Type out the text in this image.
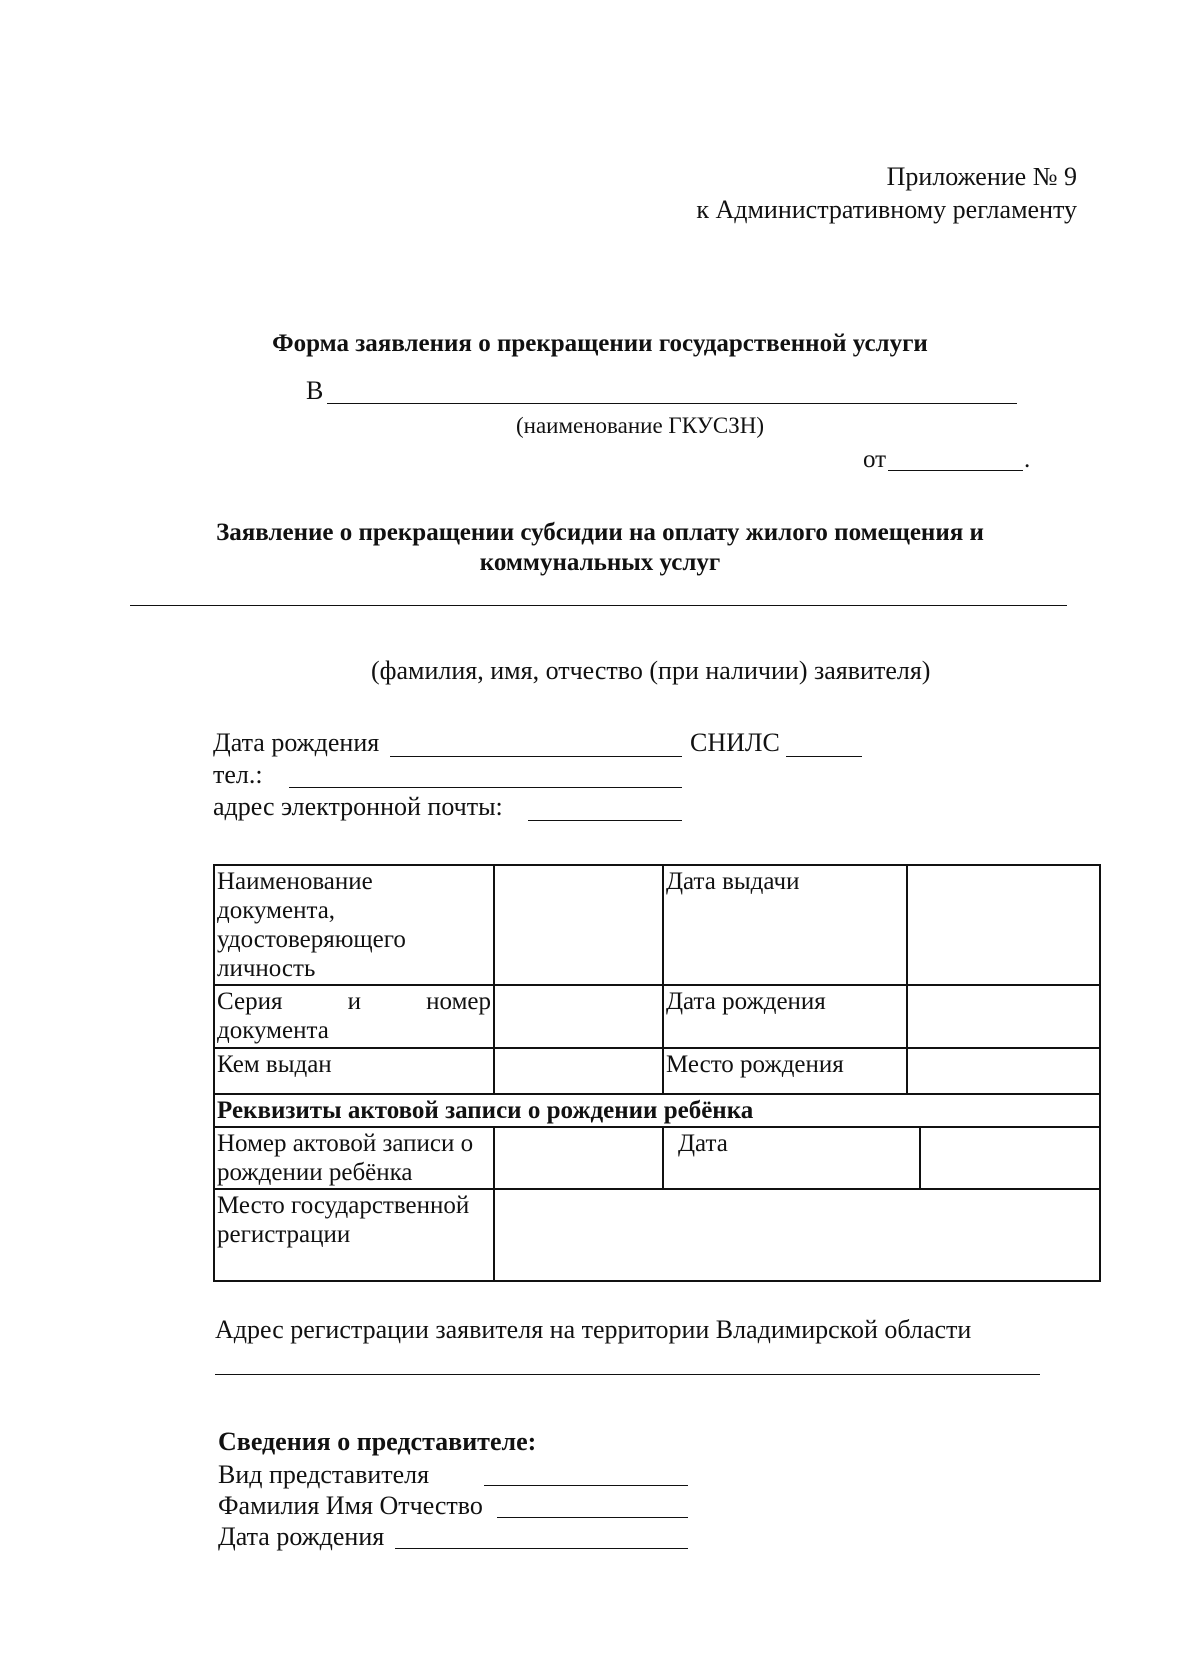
Приложение № 9
к Административному регламенту
Форма заявления о прекращении государственной услуги
В
(наименование ГКУСЗН)
от	.
Заявление о прекращении субсидии на оплату жилого помещения и
коммунальных услуг
(фамилия, имя, отчество (при наличии) заявителя)
Дата рождения	СНИЛС
тел.:
адрес электронной почты:
Наименование документа, удостоверяющего личность		Дата выдачи		

Серия и номер
документа		Дата рождения		
Кем выдан		Место рождения		
Реквизиты актовой записи о рождении ребёнка				
Номер актовой записи о рождении ребёнка		Дата		
Место государственной регистрации				
Адрес регистрации заявителя на территории Владимирской области
Сведения о представителе:
Вид представителя
Фамилия Имя Отчество
Дата рождения
